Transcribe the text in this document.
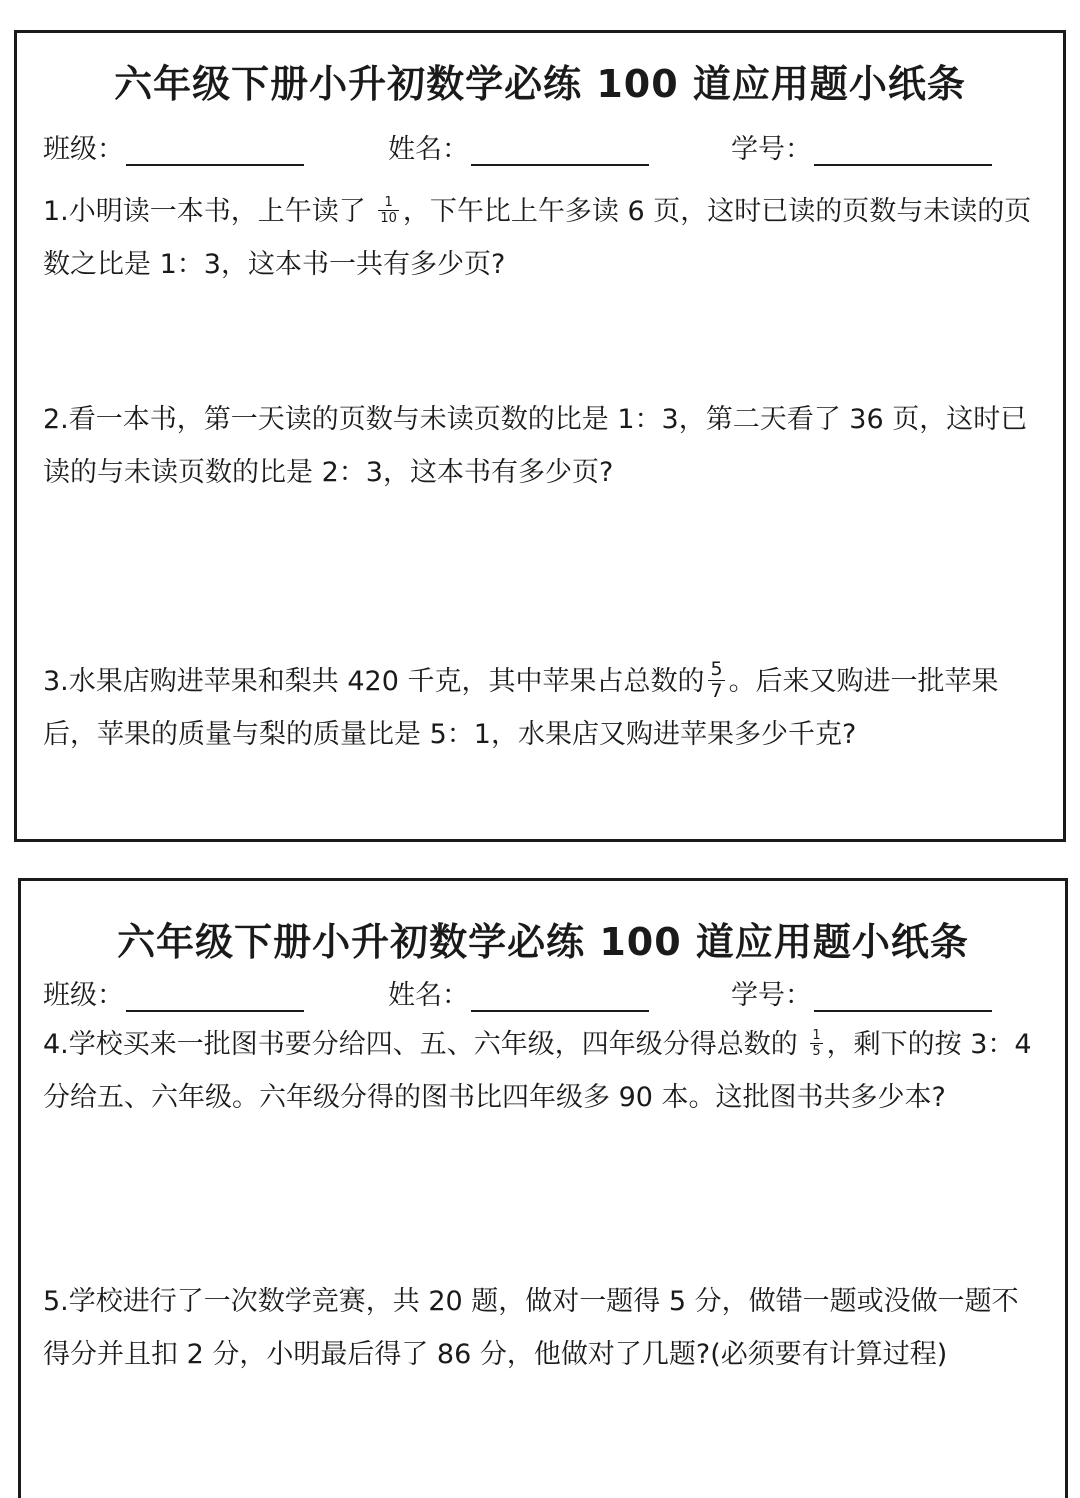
六年级下册小升初数学必练 100 道应用题小纸条
班级：	姓名：	学号：
1.小明读一本书，上午读了 $\frac{1}{10}$ ，下午比上午多读 6 页，这时已读的页数与未读的页数之比是 1：3，这本书一共有多少页?
2.看一本书，第一天读的页数与未读页数的比是 1：3，第二天看了 36 页，这时已读的与未读页数的比是 2：3，这本书有多少页?
3.水果店购进苹果和梨共 420 千克，其中苹果占总数的 $\frac{5}{7}$ 。后来又购进一批苹果后，苹果的质量与梨的质量比是 5：1，水果店又购进苹果多少千克?
六年级下册小升初数学必练 100 道应用题小纸条
班级：	姓名：	学号：
4.学校买来一批图书要分给四、五、六年级，四年级分得总数的 $\frac{1}{5}$ ，剩下的按 3：4 分给五、六年级。六年级分得的图书比四年级多 90 本。这批图书共多少本?
5.学校进行了一次数学竞赛，共 20 题，做对一题得 5 分，做错一题或没做一题不得分并且扣 2 分，小明最后得了 86 分，他做对了几题?(必须要有计算过程)
